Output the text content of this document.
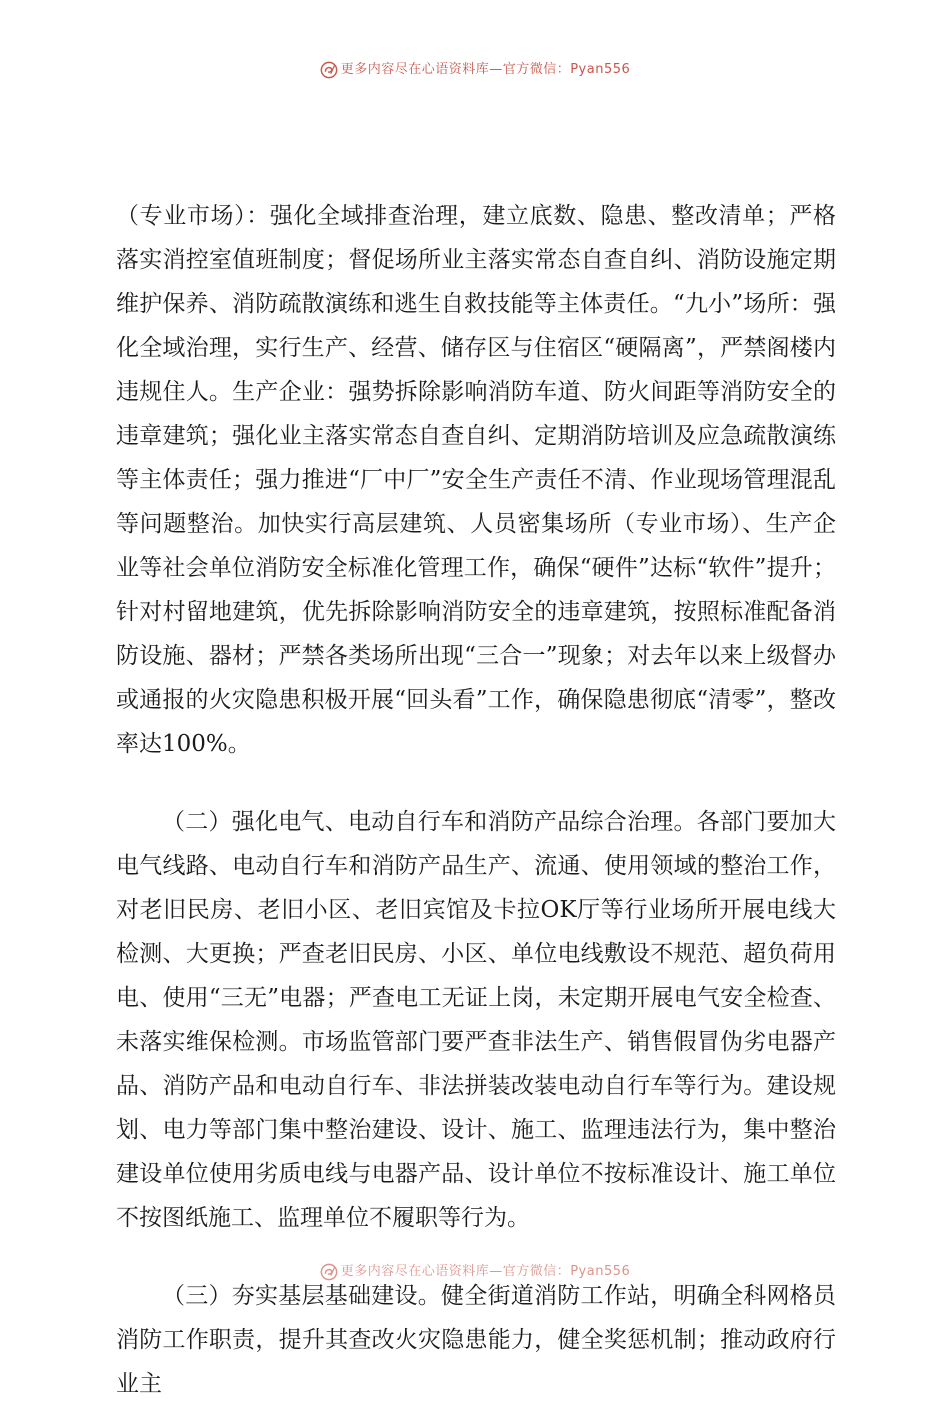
更多内容尽在心语资料库—官方微信：Pyan556

（专业市场）：强化全域排查治理，建立底数、隐患、整改清单；严格落实消控室值班制度；督促场所业主落实常态自查自纠、消防设施定期维护保养、消防疏散演练和逃生自救技能等主体责任。“九小”场所：强化全域治理，实行生产、经营、储存区与住宿区“硬隔离”，严禁阁楼内违规住人。生产企业：强势拆除影响消防车道、防火间距等消防安全的违章建筑；强化业主落实常态自查自纠、定期消防培训及应急疏散演练等主体责任；强力推进“厂中厂”安全生产责任不清、作业现场管理混乱等问题整治。加快实行高层建筑、人员密集场所（专业市场）、生产企业等社会单位消防安全标准化管理工作，确保“硬件”达标“软件”提升；针对村留地建筑，优先拆除影响消防安全的违章建筑，按照标准配备消防设施、器材；严禁各类场所出现“三合一”现象；对去年以来上级督办或通报的火灾隐患积极开展“回头看”工作，确保隐患彻底“清零”，整改率达100%。

（二）强化电气、电动自行车和消防产品综合治理。各部门要加大电气线路、电动自行车和消防产品生产、流通、使用领域的整治工作，对老旧民房、老旧小区、老旧宾馆及卡拉OK厅等行业场所开展电线大检测、大更换；严查老旧民房、小区、单位电线敷设不规范、超负荷用电、使用“三无”电器；严查电工无证上岗，未定期开展电气安全检查、未落实维保检测。市场监管部门要严查非法生产、销售假冒伪劣电器产品、消防产品和电动自行车、非法拼装改装电动自行车等行为。建设规划、电力等部门集中整治建设、设计、施工、监理违法行为，集中整治建设单位使用劣质电线与电器产品、设计单位不按标准设计、施工单位不按图纸施工、监理单位不履职等行为。

（三）夯实基层基础建设。健全街道消防工作站，明确全科网格员消防工作职责，提升其查改火灾隐患能力，健全奖惩机制；推动政府行业主

更多内容尽在心语资料库—官方微信：Pyan556
